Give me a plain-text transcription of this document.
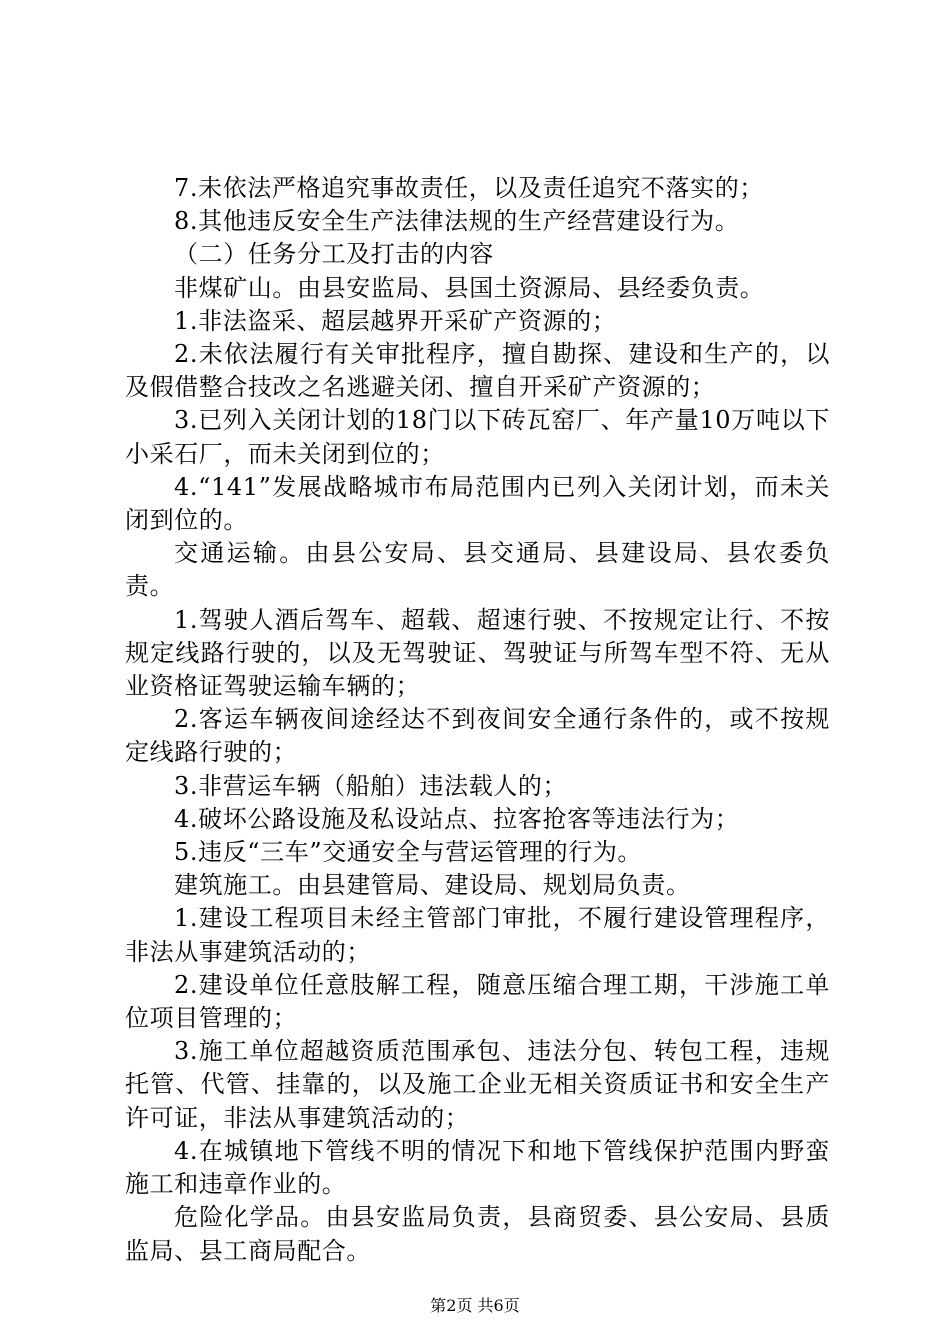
7.未依法严格追究事故责任，以及责任追究不落实的；

8.其他违反安全生产法律法规的生产经营建设行为。

（二）任务分工及打击的内容

非煤矿山。由县安监局、县国土资源局、县经委负责。

1.非法盗采、超层越界开采矿产资源的；

2.未依法履行有关审批程序，擅自勘探、建设和生产的，以及假借整合技改之名逃避关闭、擅自开采矿产资源的；

3.已列入关闭计划的18门以下砖瓦窑厂、年产量10万吨以下小采石厂，而未关闭到位的；

4.“141”发展战略城市布局范围内已列入关闭计划，而未关闭到位的。

交通运输。由县公安局、县交通局、县建设局、县农委负责。

1.驾驶人酒后驾车、超载、超速行驶、不按规定让行、不按规定线路行驶的，以及无驾驶证、驾驶证与所驾车型不符、无从业资格证驾驶运输车辆的；

2.客运车辆夜间途经达不到夜间安全通行条件的，或不按规定线路行驶的；

3.非营运车辆（船舶）违法载人的；

4.破坏公路设施及私设站点、拉客抢客等违法行为；

5.违反“三车”交通安全与营运管理的行为。

建筑施工。由县建管局、建设局、规划局负责。

1.建设工程项目未经主管部门审批，不履行建设管理程序，非法从事建筑活动的；

2.建设单位任意肢解工程，随意压缩合理工期，干涉施工单位项目管理的；

3.施工单位超越资质范围承包、违法分包、转包工程，违规托管、代管、挂靠的，以及施工企业无相关资质证书和安全生产许可证，非法从事建筑活动的；

4.在城镇地下管线不明的情况下和地下管线保护范围内野蛮施工和违章作业的。

危险化学品。由县安监局负责，县商贸委、县公安局、县质监局、县工商局配合。

第2页 共6页
